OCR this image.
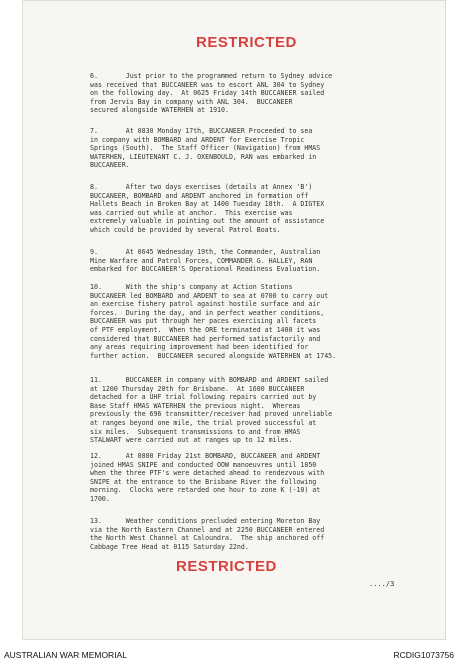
RESTRICTED
6.       Just prior to the programmed return to Sydney advice
was received that BUCCANEER was to escort ANL 304 to Sydney
on the following day.  At 0625 Friday 14th BUCCANEER sailed
from Jervis Bay in company with ANL 304.  BUCCANEER
secured alongside WATERHEN at 1910.
7.       At 0830 Monday 17th, BUCCANEER Proceeded to sea
in company with BOMBARD and ARDENT for Exercise Tropic
Springs (South).  The Staff Officer (Navigation) from HMAS
WATERHEN, LIEUTENANT C. J. OXENBOULD, RAN was embarked in
BUCCANEER.
8.       After two days exercises (details at Annex 'B')
BUCCANEER, BOMBARD and ARDENT anchored in formation off
Hallets Beach in Broken Bay at 1400 Tuesday 18th.  A DIGTEX
was carried out while at anchor.  This exercise was
extremely valuable in pointing out the amount of assistance
which could be provided by several Patrol Boats.
9.       At 0645 Wednesday 19th, the Commander, Australian
Mine Warfare and Patrol Forces, COMMANDER G. HALLEY, RAN
embarked for BUCCANEER'S Operational Readiness Evaluation.
10.      With the ship's company at Action Stations
BUCCANEER led BOMBARD and ARDENT to sea at 0700 to carry out
an exercise fishery patrol against hostile surface and air
forces.  During the day, and in perfect weather conditions,
BUCCANEER was put through her paces exercising all facets
of PTF employment.  When the ORE terminated at 1400 it was
considered that BUCCANEER had performed satisfactorily and
any areas requiring improvement had been identified for
further action.  BUCCANEER secured alongside WATERHEN at 1745.
11.      BUCCANEER in company with BOMBARD and ARDENT sailed
at 1200 Thursday 20th for Brisbane.  At 1600 BUCCANEER
detached for a UHF trial following repairs carried out by
Base Staff HMAS WATERHEN the previous night.  Whereas
previously the 696 transmitter/receiver had proved unreliable
at ranges beyond one mile, the trial proved successful at
six miles.  Subsequent transmissions to and from HMAS
STALWART were carried out at ranges up to 12 miles.
12.      At 0800 Friday 21st BOMBARD, BUCCANEER and ARDENT
joined HMAS SNIPE and conducted OOW manoeuvres until 1050
when the three PTF's were detached ahead to rendezvous with
SNIPE at the entrance to the Brisbane River the following
morning.  Clocks were retarded one hour to zone K (-10) at
1700.
13.      Weather conditions precluded entering Moreton Bay
via the North Eastern Channel and at 2250 BUCCANEER entered
the North West Channel at Caloundra.  The ship anchored off
Cabbage Tree Head at 0115 Saturday 22nd.
RESTRICTED
..../3
AUSTRALIAN WAR MEMORIAL	RCDIG1073756
